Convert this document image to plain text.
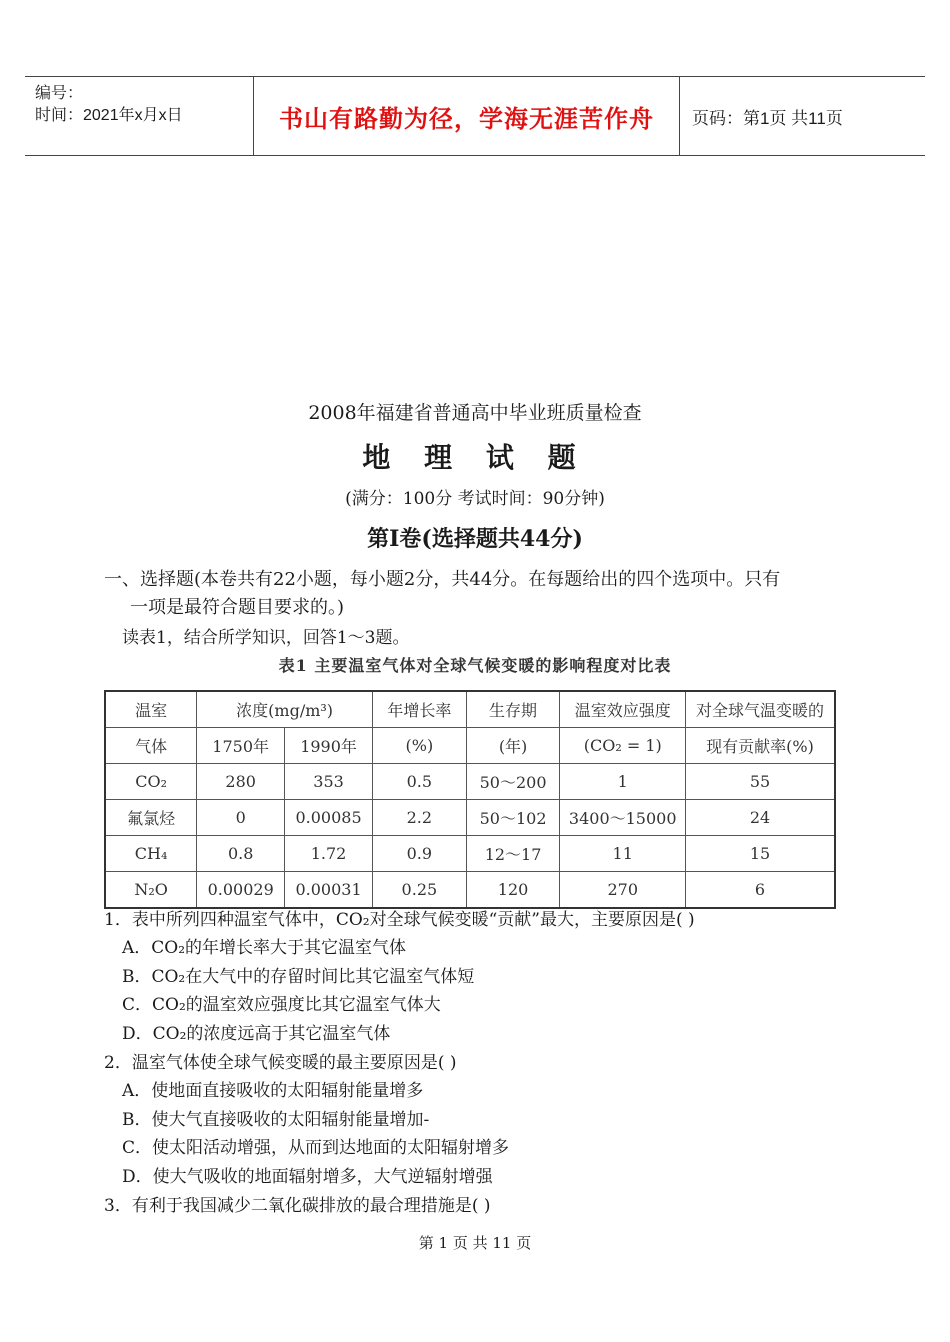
编号：
时间：2021年x月x日	书山有路勤为径，学海无涯苦作舟 页码：第1页 共11页
2008年福建省普通高中毕业班质量检查
地 理 试 题
(满分：100分 考试时间：90分钟)
第Ⅰ卷(选择题共44分)
一、选择题(本卷共有22小题，每小题2分，共44分。在每题给出的四个选项中。只有
一项是最符合题目要求的。)
读表1，结合所学知识，回答1～3题。
表1 主要温室气体对全球气候变暖的影响程度对比表
温室	浓度(mg/m³)		年增长率	生存期	温室效应强度	对全球气温变暖的
气体	1750年	1990年	(%)	(年)	(CO₂ = 1)	现有贡献率(%)
CO₂	280	353	0.5	50～200	1	55
氟氯烃	0	0.00085	2.2	50～102	3400～15000	24
CH₄	0.8	1.72	0.9	12～17	11	15
N₂O	0.00029	0.00031	0.25	120	270	6
1．表中所列四种温室气体中，CO₂对全球气候变暖“贡献”最大，主要原因是( )
A．CO₂的年增长率大于其它温室气体
B．CO₂在大气中的存留时间比其它温室气体短
C．CO₂的温室效应强度比其它温室气体大
D．CO₂的浓度远高于其它温室气体
2．温室气体使全球气候变暖的最主要原因是( )
A．使地面直接吸收的太阳辐射能量增多
B．使大气直接吸收的太阳辐射能量增加-
C．使太阳活动增强，从而到达地面的太阳辐射增多
D．使大气吸收的地面辐射增多，大气逆辐射增强
3．有利于我国减少二氧化碳排放的最合理措施是( )
第 1 页 共 11 页
